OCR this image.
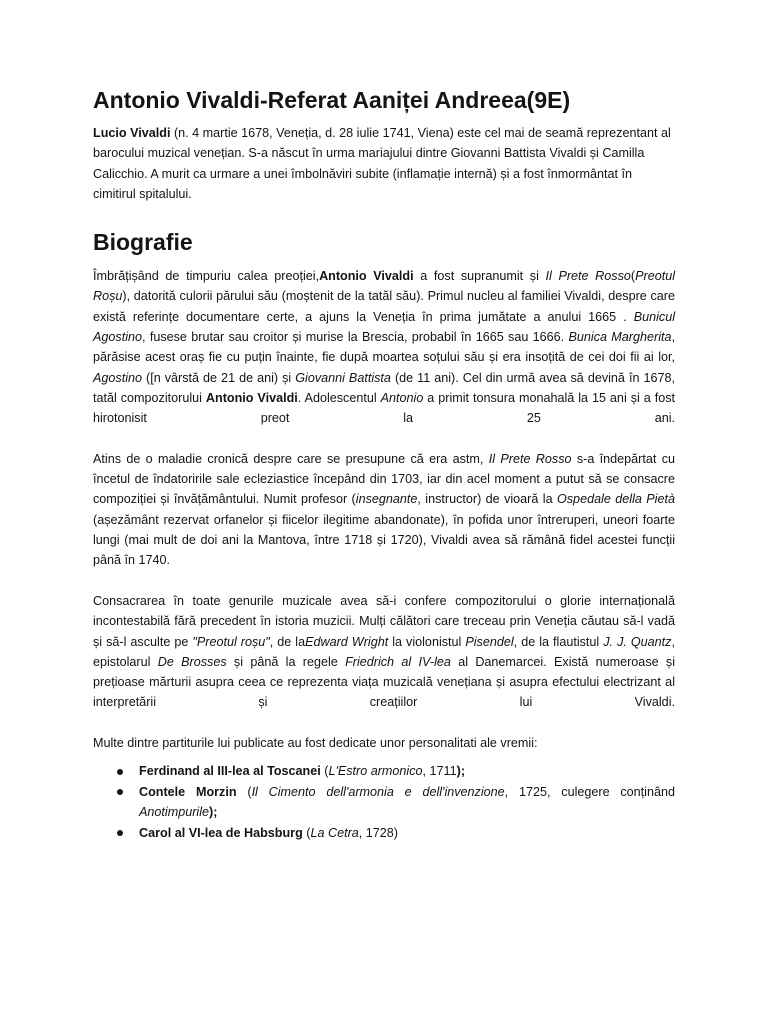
Antonio Vivaldi-Referat Aaniței Andreea(9E)

Lucio Vivaldi (n. 4 martie 1678, Veneția, d. 28 iulie 1741, Viena) este cel mai de seamă reprezentant al barocului muzical venețian. S-a născut în urma mariajului dintre Giovanni Battista Vivaldi și Camilla Calicchio. A murit ca urmare a unei îmbolnăviri subite (inflamație internă) și a fost înmormântat în cimitirul spitalului.

Biografie

Îmbrățișând de timpuriu calea preoției,Antonio Vivaldi a fost supranumit și Il Prete Rosso(Preotul Roșu), datorită culorii părului său (moștenit de la tatăl său). Primul nucleu al familiei Vivaldi, despre care există referințe documentare certe, a ajuns la Veneția în prima jumătate a anului 1665 . Bunicul Agostino, fusese brutar sau croitor și murise la Brescia, probabil în 1665 sau 1666. Bunica Margherita, părăsise acest oraș fie cu puțin înainte, fie după moartea soțului său și era insoțită de cei doi fii ai lor, Agostino ([n vârstă de 21 de ani) și Giovanni Battista (de 11 ani). Cel din urmă avea să devină în 1678, tatăl compozitorului Antonio Vivaldi. Adolescentul Antonio a primit tonsura monahală la 15 ani și a fost hirotonisit preot la 25 ani.

Atins de o maladie cronică despre care se presupune că era astm, Il Prete Rosso s-a îndepărtat cu încetul de îndatoririle sale ecleziastice începând din 1703, iar din acel moment a putut să se consacre compoziției și învățământului. Numit profesor (insegnante, instructor) de vioară la Ospedale della Pietà (așezământ rezervat orfanelor și fiicelor ilegitime abandonate), în pofida unor întreruperi, uneori foarte lungi (mai mult de doi ani la Mantova, între 1718 și 1720), Vivaldi avea să rămână fidel acestei funcții până în 1740.

Consacrarea în toate genurile muzicale avea să-i confere compozitorului o glorie internațională incontestabilă fără precedent în istoria muzicii. Mulți călători care treceau prin Veneția căutau să-l vadă și să-l asculte pe "Preotul roșu", de laEdward Wright la violonistul Pisendel, de la flautistul J. J. Quantz, epistolarul De Brosses și până la regele Friedrich al IV-lea al Danemarcei. Există numeroase și prețioase mărturii asupra ceea ce reprezenta viața muzicală venețiana și asupra efectului electrizant al interpretării și creațiilor lui Vivaldi.

Multe dintre partiturile lui publicate au fost dedicate unor personalitati ale vremii:

Ferdinand al III-lea al Toscanei (L'Estro armonico, 1711);
Contele Morzin (Il Cimento dell'armonia e dell'invenzione, 1725, culegere conținând Anotimpurile);
Carol al VI-lea de Habsburg (La Cetra, 1728)
